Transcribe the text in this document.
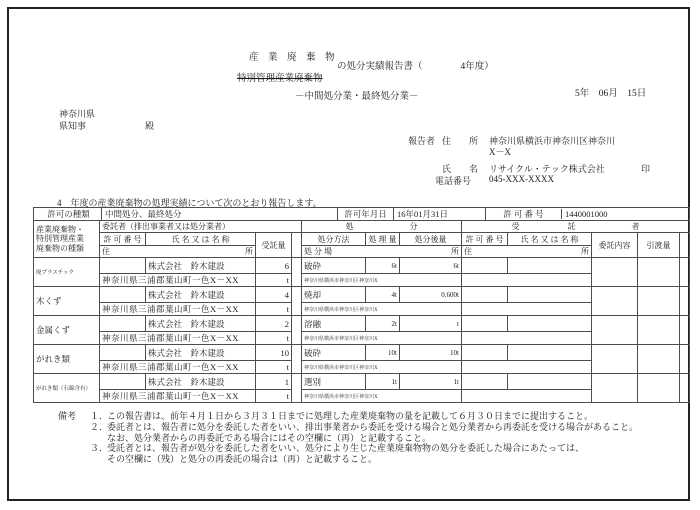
産　業　廃　棄　物
の処分実績報告書（　　　　4年度）
特別管理産業廃棄物
－中間処分業・最終処分業－	5年　06月　15日
神奈川県
県知事	殿
報告者 住　　所	神奈川県横浜市神奈川区神奈川
X－X
氏　　名	リサイクル・テック株式会社	印
電話番号	045-XXX-XXXX
4　年度の産業廃棄物の処理実績について次のとおり報告します。
許可の種類	中間処分、最終処分	許可年月日	16年01月31日	許 可 番 号	1440001000

産業廃棄物・
特別管理産業
廃棄物の種類	委託者（排出事業者又は処分業者）				処　　　　　　　分			受　　　　　　託　　　　　　　者				
	許 可 番 号	氏 名 又 は 名 称	受託量		処分方法	処 理 量	処分後量	許 可 番 号	氏 名 又 は 名 称	委託内容	引渡量	

	住 所				処 分 場 所			住 所				

廃プラスチック		株式会社　鈴木建設	6		破砕	6t	6t					
	神奈川県三浦郡葉山町一色X－XX		t		神奈川県横浜市神奈川区神奈川X							
木くず		株式会社　鈴木建設	4		焼却	4t	0.600t					
	神奈川県三浦郡葉山町一色X－XX		t		神奈川県横浜市神奈川区神奈川X							
金属くず		株式会社　鈴木建設	2		溶融	2t	t					
	神奈川県三浦郡葉山町一色X－XX		t		神奈川県横浜市神奈川区神奈川X							
がれき類		株式会社　鈴木建設	10		破砕	10t	10t					
	神奈川県三浦郡葉山町一色X－XX		t		神奈川県横浜市神奈川区神奈川X							
がれき類（石綿含有）		株式会社　鈴木建設	1		選別	1t	1t					
	神奈川県三浦郡葉山町一色X－XX		t		神奈川県横浜市神奈川区神奈川X							
備考	１．
この報告書は、前年４月１日から３月３１日までに処理した産業廃棄物の量を記載して６月３０日までに提出すること。
２．
委託者とは、報告者に処分を委託した者をいい、排出事業者から委託を受ける場合と処分業者から再委託を受ける場合があること。
なお、処分業者からの再委託である場合にはその空欄に（再）と記載すること。
３．
受託者とは、報告者が処分を委託した者をいい、処分により生じた産業廃棄物物の処分を委託した場合にあたっては、
その空欄に（残）と処分の再委託の場合は（再）と記載すること。
